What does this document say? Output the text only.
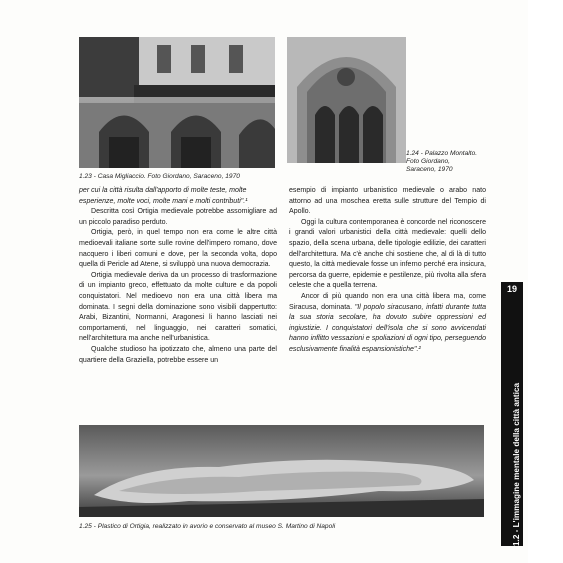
1.23 - Casa Migliaccio. Foto Giordano, Saraceno, 1970
1.24 - Palazzo Montalto.
Foto Giordano,
Saraceno, 1970

per cui la città risulta dall'apporto di molte teste, molte

esperienze, molte voci, molte mani e molti contributi".¹

Descritta così Ortigia medievale potrebbe assomigliare ad un piccolo paradiso perduto.

Ortigia, però, in quel tempo non era come le altre città medioevali italiane sorte sulle rovine dell'impero romano, dove nacquero i liberi comuni e dove, per la seconda volta, dopo quella di Pericle ad Atene, si sviluppò una nuova democrazia.

Ortigia medievale deriva da un processo di trasformazione di un impianto greco, effettuato da molte culture e da popoli conquistatori. Nel medioevo non era una città libera ma dominata. I segni della dominazione sono visibili dappertutto: Arabi, Bizantini, Normanni, Aragonesi li hanno lasciati nei comportamenti, nel linguaggio, nei caratteri somatici, nell'architettura ma anche nell'urbanistica.

Qualche studioso ha ipotizzato che, almeno una parte del quartiere della Graziella, potrebbe essere un

esempio di impianto urbanistico medievale o arabo nato attorno ad una moschea eretta sulle strutture del Tempio di Apollo.

Oggi la cultura contemporanea è concorde nel riconoscere i grandi valori urbanistici della città medievale: quelli dello spazio, della scena urbana, delle tipologie edilizie, dei caratteri dell'architettura. Ma c'è anche chi sostiene che, al di là di tutto questo, la città medievale fosse un inferno perché era insicura, percorsa da guerre, epidemie e pestilenze, più rivolta alla sfera celeste che a quella terrena.

Ancor di più quando non era una città libera ma, come Siracusa, dominata. "Il popolo siracusano, infatti durante tutta la sua storia secolare, ha dovuto subire oppressioni ed ingiustizie. I conquistatori dell'isola che si sono avvicendati hanno inflitto vessazioni e spoliazioni di ogni tipo, perseguendo esclusivamente finalità espansionistiche".²

1.25 - Plastico di Ortigia, realizzato in avorio e conservato al museo S. Martino di Napoli
19
1.2 - L'immagine mentale della città antica
